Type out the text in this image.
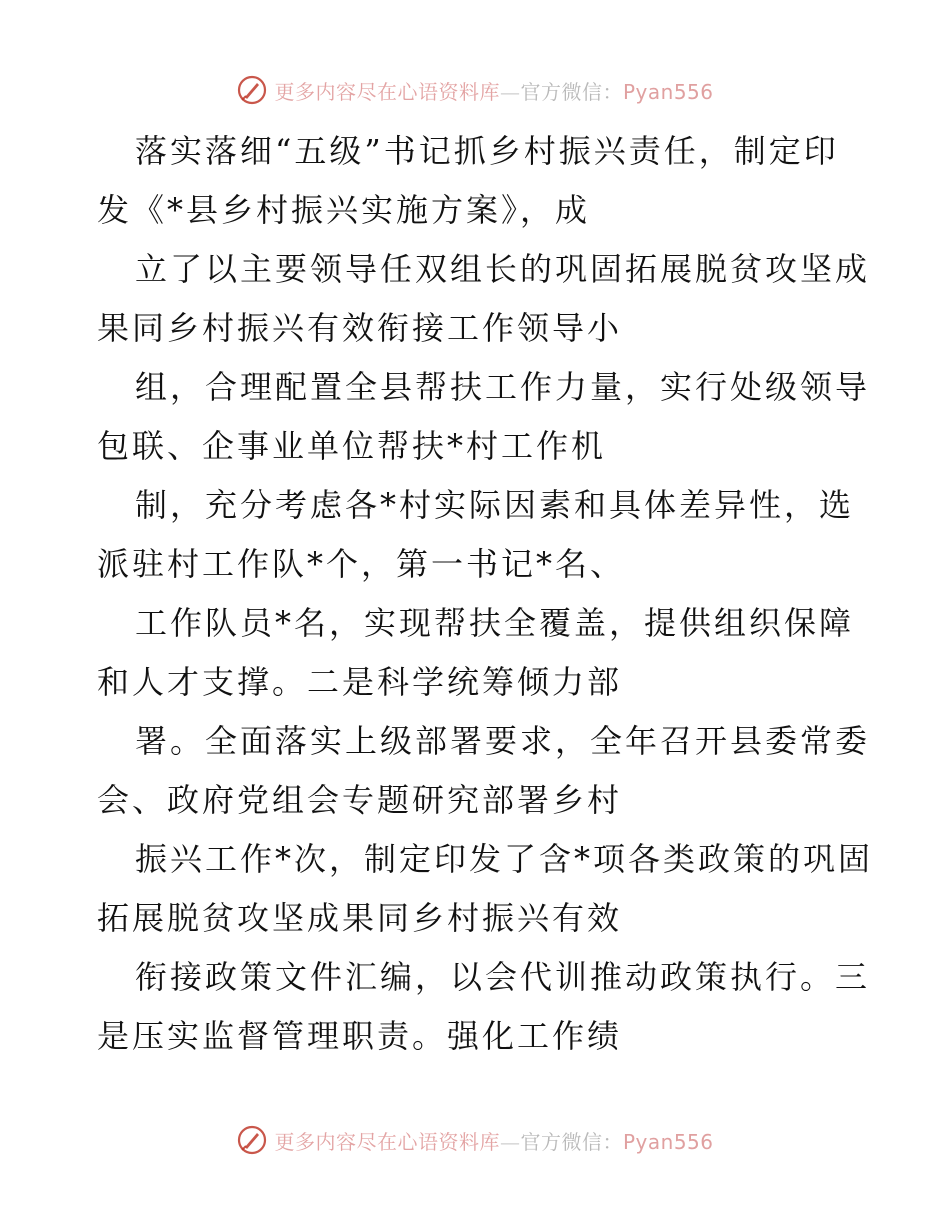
更多内容尽在心语资料库—官方微信：Pyan556
落实落细“五级”书记抓乡村振兴责任，制定印
发《*县乡村振兴实施方案》，成
立了以主要领导任双组长的巩固拓展脱贫攻坚成
果同乡村振兴有效衔接工作领导小
组，合理配置全县帮扶工作力量，实行处级领导
包联、企事业单位帮扶*村工作机
制，充分考虑各*村实际因素和具体差异性，选
派驻村工作队*个，第一书记*名、
工作队员*名，实现帮扶全覆盖，提供组织保障
和人才支撑。二是科学统筹倾力部
署。全面落实上级部署要求，全年召开县委常委
会、政府党组会专题研究部署乡村
振兴工作*次，制定印发了含*项各类政策的巩固
拓展脱贫攻坚成果同乡村振兴有效
衔接政策文件汇编，以会代训推动政策执行。三
是压实监督管理职责。强化工作绩
更多内容尽在心语资料库—官方微信：Pyan556
